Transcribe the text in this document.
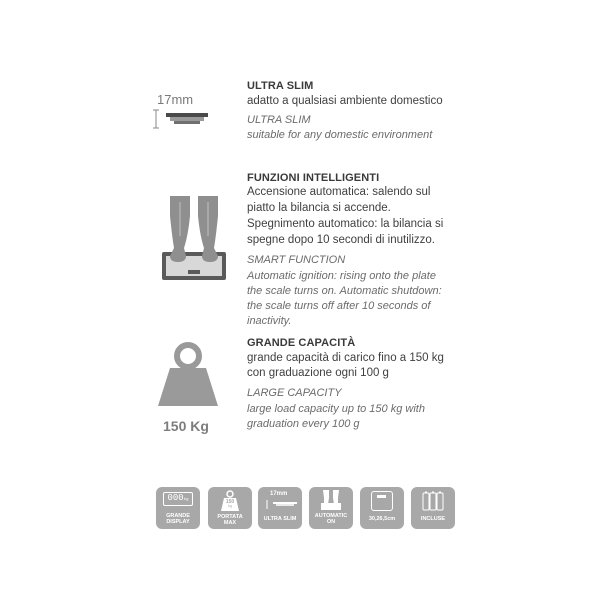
17mm
ULTRA SLIM
adatto a qualsiasi ambiente domestico
ULTRA SLIM
suitable for any domestic environment
FUNZIONI INTELLIGENTI
Accensione automatica: salendo sul
piatto la bilancia si accende.
Spegnimento automatico: la bilancia si
spegne dopo 10 secondi di inutilizzo.
SMART FUNCTION
Automatic ignition: rising onto the plate
the scale turns on. Automatic shutdown:
the scale turns off after 10 seconds of
inactivity.
150 Kg
GRANDE CAPACITÀ
grande capacità di carico fino a 150 kg
con graduazione ogni 100 g
LARGE CAPACITY
large load capacity up to 150 kg with
graduation every 100 g
000kg
GRANDE
DISPLAY
150
kg
PORTATA
MAX
17mm
ULTRA SLIM	AUTOMATIC
ON	30,26,5cm	INCLUSE
